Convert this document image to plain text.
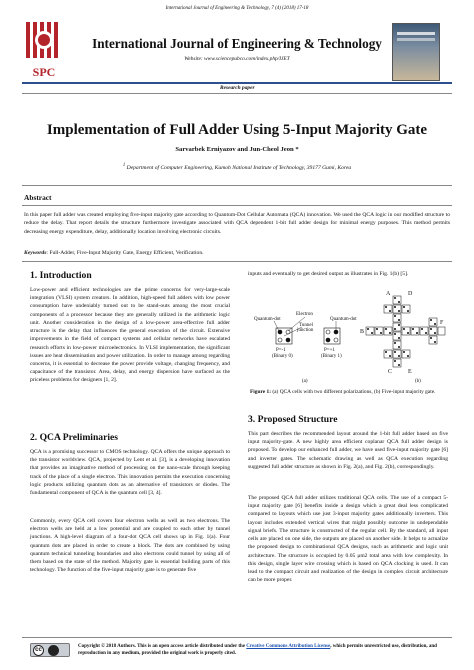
International Journal of Engineering & Technology, 7 (4) (2018) 17-18
SPC
International Journal of Engineering & Technology
Website: www.sciencepubco.com/index.php/IJET
Research paper
Implementation of Full Adder Using 5-Input Majority Gate
Sarvarbek Erniyazov and Jun-Cheol Jeon *
$^1$ Department of Computer Engineering, Kumoh National Institute of Technology, 39177 Gumi, Korea
Abstract
In this paper full adder was created employing five-input majority gate according to Quantum-Dot Cellular Automata (QCA) innovation. We used the QCA logic in our modified structure to reduce the delay. That report details the structure furthermore investigate associated with QCA dependent 1-bit full adder design for minimal energy purposes. This method permits decreasing energy expenditure, delay, additionally location involving electronic circuits.
Keywords: Full-Adder, Five-Input Majority Gate, Energy Efficient, Verification.
1. Introduction
Low-power and efficient technologies are the prime concerns for very-large-scale integration (VLSI) system creators. In addition, high-speed full adders with low power consumption have undeniably turned out to be stand-outs among the most crucial components of a processor because they are generally utilized in the arithmetic logic unit. Another consideration in the design of a low-power area-effective full adder structure is the delay that influences the general execution of the circuit. Extensive improvements in the field of compact systems and cellular networks have escalated research efforts in low-power microelectronics. In VLSI implementation, the significant issues are heat dissemination and power utilization. In order to manage among regarding concerns, it is essential to decrease the power provide voltage, changing frequency, and capacitance of the transistor. Area, delay, and energy dispersion have surfaced as the priceless problems for designers [1, 2].
2. QCA Preliminaries
QCA is a promising successor to CMOS technology. QCA offers the unique approach to the transistor worldview. QCA, projected by Lent et al. [3], is a developing innovation that provides an imaginative method of processing on the nano-scale through keeping track of the place of a single electron. This innovation permits the execution concerning logic products utilizing quantum dots as an alternative of transistors or diodes. The fundamental component of QCA is the quantum cell [3, 4].
Commonly, every QCA cell covers four electron wells as well as two electrons. The electron wells are held at a low potential and are coupled to each other by tunnel junctions. A high-level diagram of a four-dot QCA cell shows up in Fig. 1(a). Four quantum dots are placed in order to create a block. The dots are combined by using quantum technical tunneling boundaries and also electrons could tunnel by using all of them based on the state of the method. Majority gate is essential building parts of this technology. The function of the five-input majority gate is to generate five
inputs and eventually to get desired output as illustrates in Fig. 1(b) [5].
Quantum-dot
Electron
Tunnel
junction
Quantum-dot
P=-1
(Binary 0)
P=+1
(Binary 1)
(a)	(b)
A
B
C
D
E
F
Figure 1: (a) QCA cells with two different polarizations, (b) Five-input majority gate.
3. Proposed Structure
This part describes the recommended layout around the 1-bit full adder based on five input majority-gate. A new highly area efficient coplanar QCA full adder design is proposed. To develop our enhanced full adder, we have used five-input majority gate [6] and inverter gates. The schematic drawing as well as QCA execution regarding suggested full adder structure as shown in Fig. 2(a), and Fig. 2(b), correspondingly.
The proposed QCA full adder utilizes traditional QCA cells. The use of a compact 5-input majority gate [6] benefits inside a design which a great deal less complicated compared to layouts which use just 3-input majority gates additionally inverters. This layout includes extended vertical wires that might possibly outcome in undependable signal briefs. The structure is constructed of the regular cell. By the standard, all input cells are placed on one side, the outputs are placed on another side. It helps to actualize the proposed design to combinational QCA designs, such as arithmetic and logic unit architecture. The structure is occupied by 0.05 μm2 total area with low complexity. In this design, single layer wire crossing which is based on QCA clocking is used. It can lead to the compact circuit and realization of the design in complex circuit architecture can be more proper.
cc
Copyright © 2018 Authors. This is an open access article distributed under the Creative Commons Attribution License, which permits unrestricted use, distribution, and reproduction in any medium, provided the original work is properly cited.
